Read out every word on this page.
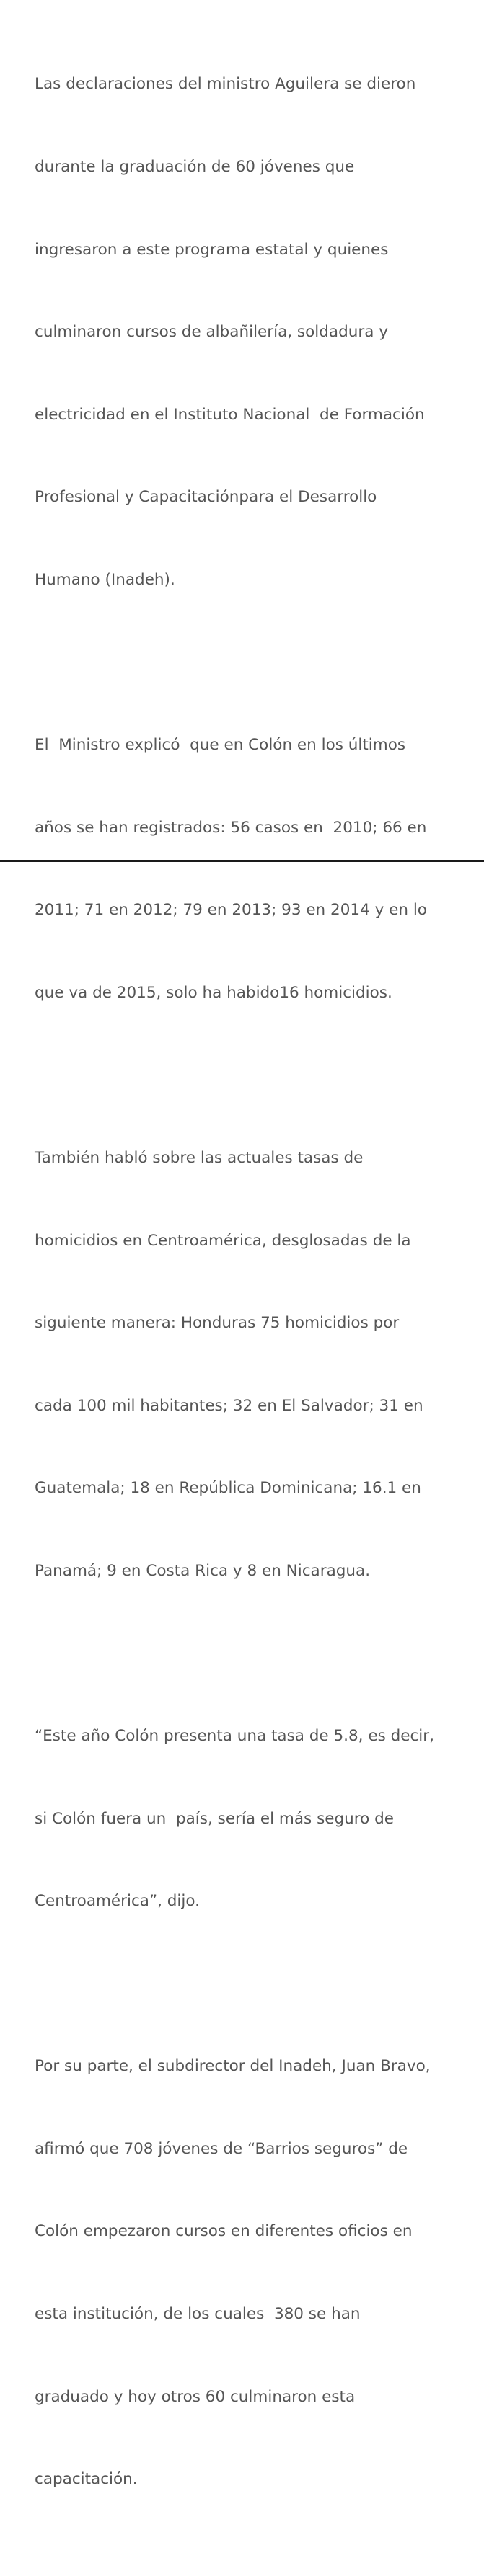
Las declaraciones del ministro Aguilera se dieron

durante la graduación de 60 jóvenes que

ingresaron a este programa estatal y quienes

culminaron cursos de albañilería, soldadura y

electricidad en el Instituto Nacional  de Formación

Profesional y Capacitaciónpara el Desarrollo

Humano (Inadeh).

El  Ministro explicó  que en Colón en los últimos

años se han registrados: 56 casos en  2010; 66 en

2011; 71 en 2012; 79 en 2013; 93 en 2014 y en lo

que va de 2015, solo ha habido16 homicidios.

También habló sobre las actuales tasas de

homicidios en Centroamérica, desglosadas de la

siguiente manera: Honduras 75 homicidios por

cada 100 mil habitantes; 32 en El Salvador; 31 en

Guatemala; 18 en República Dominicana; 16.1 en

Panamá; 9 en Costa Rica y 8 en Nicaragua.

“Este año Colón presenta una tasa de 5.8, es decir,

si Colón fuera un  país, sería el más seguro de

Centroamérica”, dijo.

Por su parte, el subdirector del Inadeh, Juan Bravo,

afirmó que 708 jóvenes de “Barrios seguros” de

Colón empezaron cursos en diferentes oficios en

esta institución, de los cuales  380 se han

graduado y hoy otros 60 culminaron esta

capacitación.
